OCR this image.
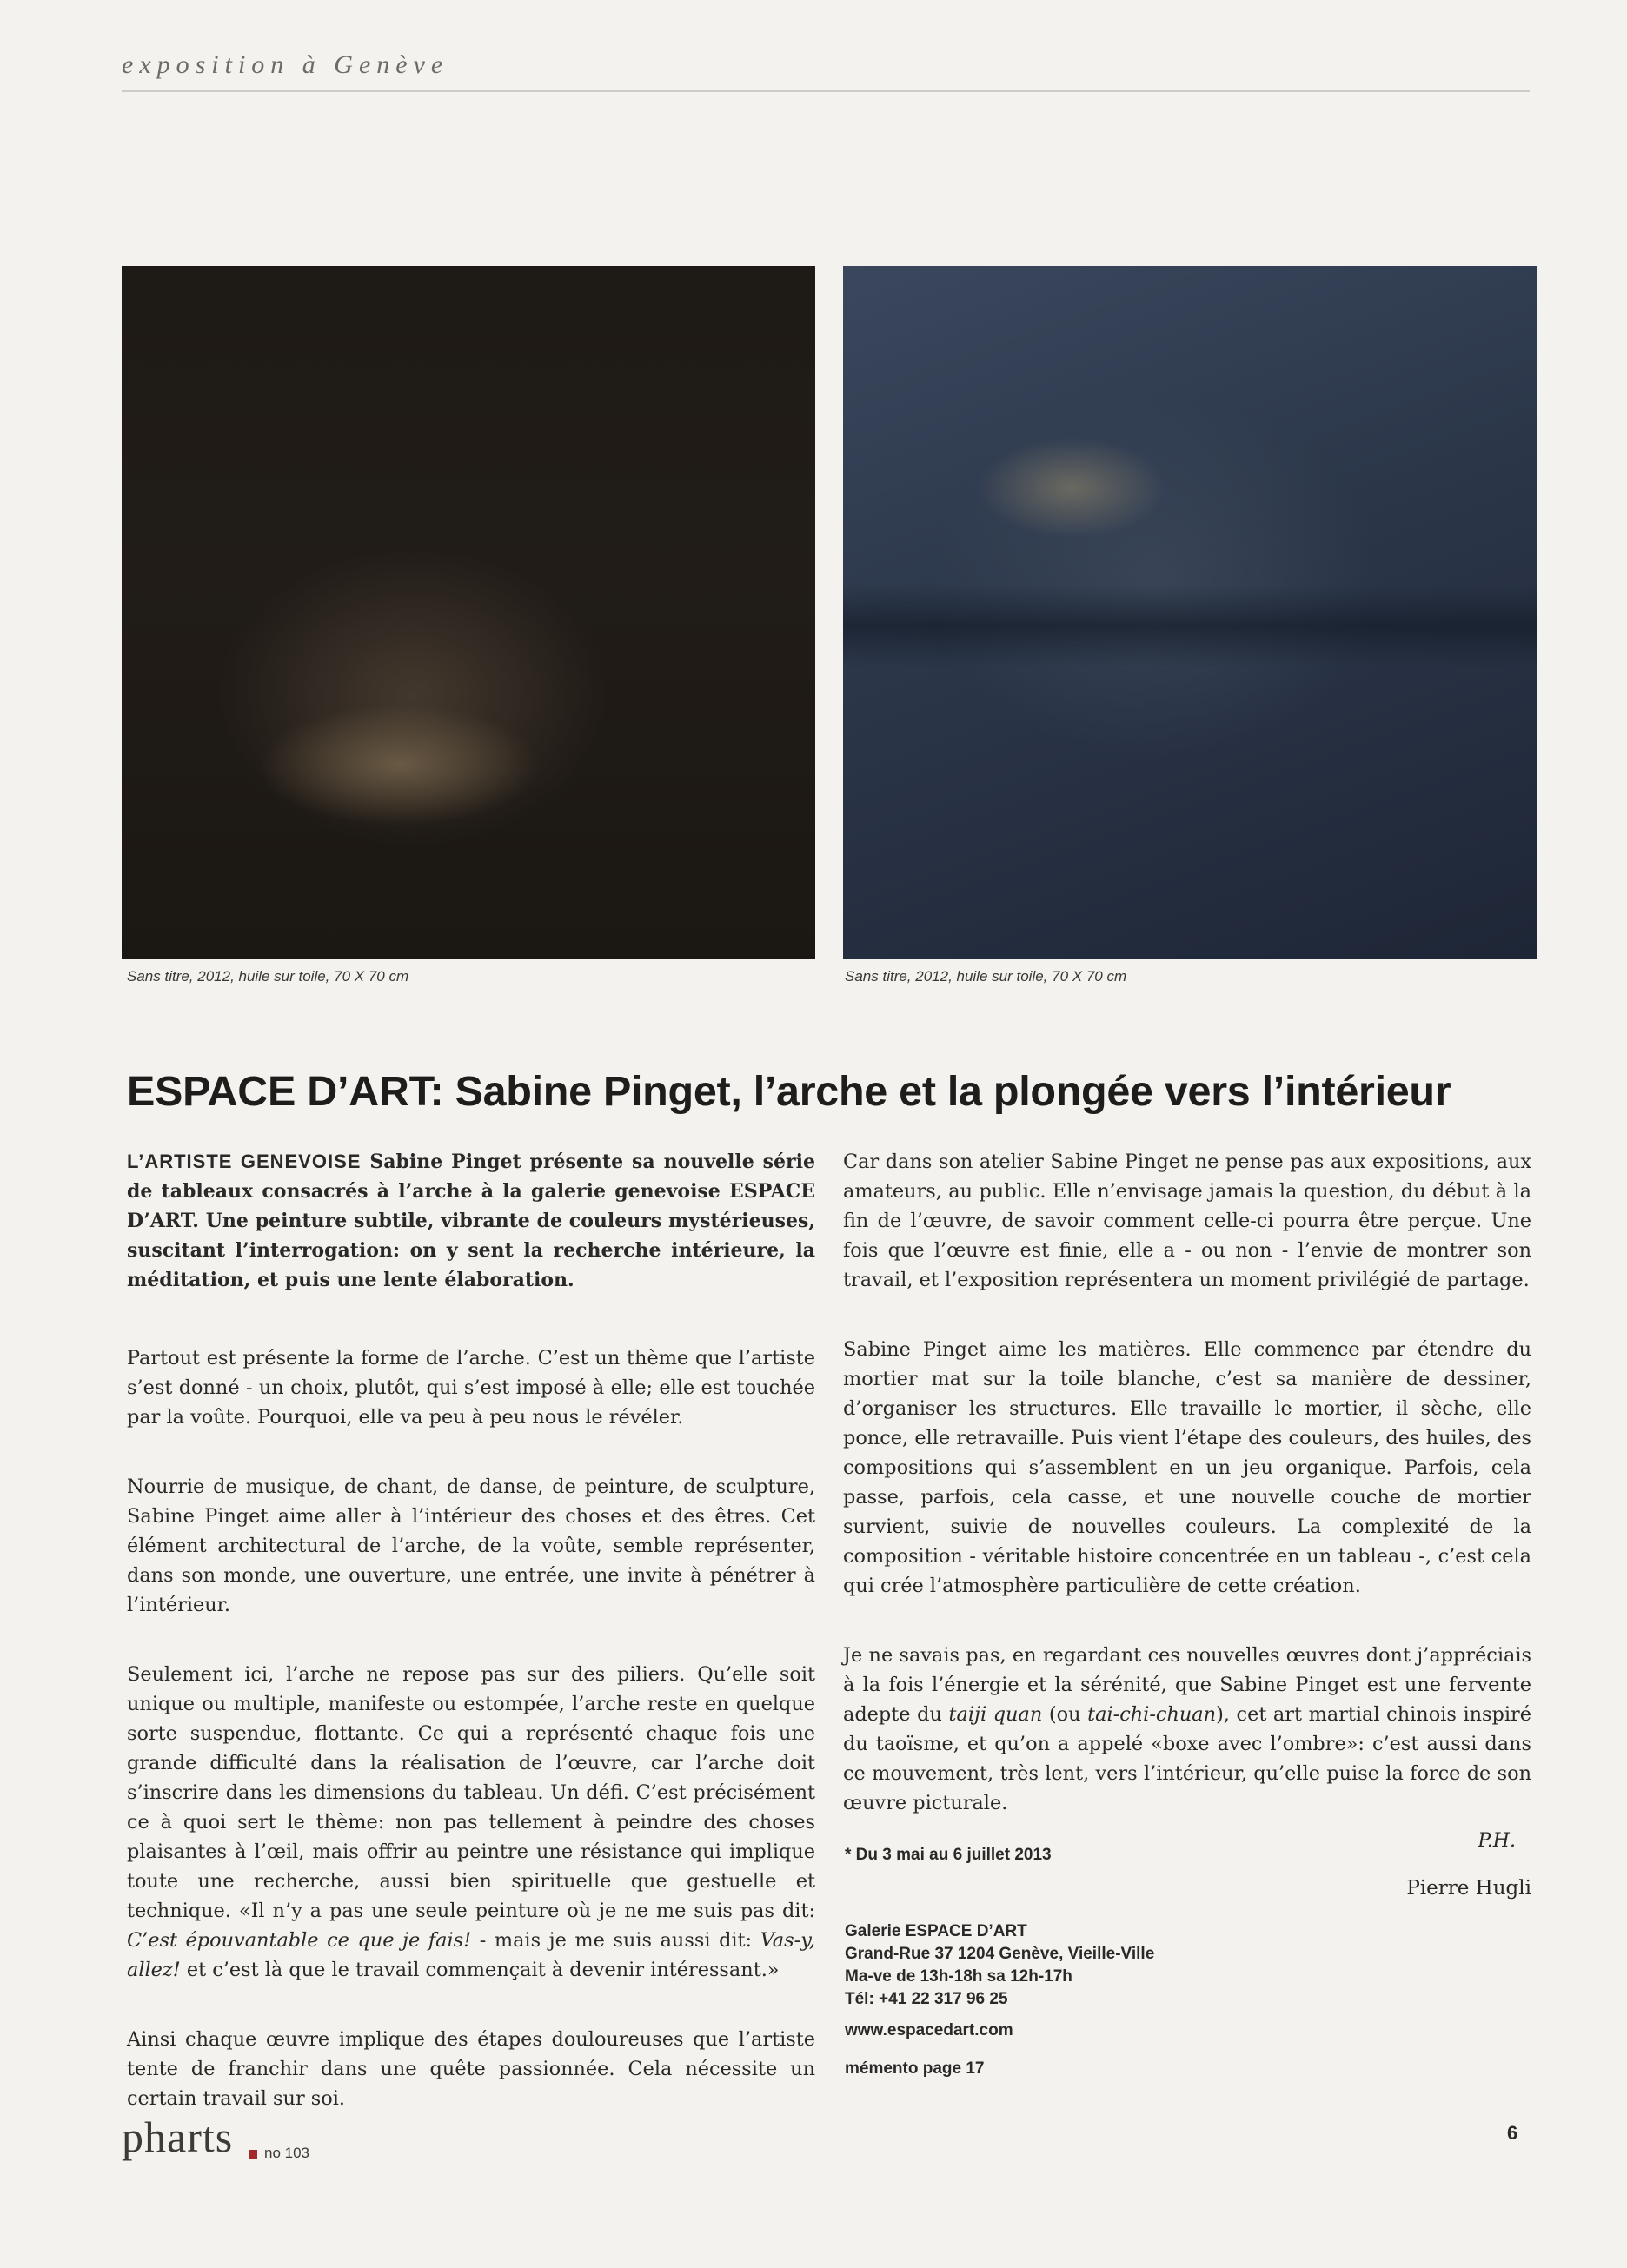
exposition à Genève
Sans titre, 2012, huile sur toile, 70 X 70 cm	Sans titre, 2012, huile sur toile, 70 X 70 cm
ESPACE D’ART: Sabine Pinget, l’arche et la plongée vers l’intérieur

L’ARTISTE GENEVOISE Sabine Pinget présente sa nouvelle série de tableaux consacrés à l’arche à la galerie genevoise ESPACE D’ART. Une peinture subtile, vibrante de couleurs mystérieuses, suscitant l’interrogation: on y sent la recherche intérieure, la méditation, et puis une lente élaboration.

Partout est présente la forme de l’arche. C’est un thème que l’artiste s’est donné - un choix, plutôt, qui s’est imposé à elle; elle est touchée par la voûte. Pourquoi, elle va peu à peu nous le révéler.

Nourrie de musique, de chant, de danse, de peinture, de sculpture, Sabine Pinget aime aller à l’intérieur des choses et des êtres. Cet élément architectural de l’arche, de la voûte, semble représenter, dans son monde, une ouverture, une entrée, une invite à pénétrer à l’intérieur.

Seulement ici, l’arche ne repose pas sur des piliers. Qu’elle soit unique ou multiple, manifeste ou estompée, l’arche reste en quelque sorte suspendue, flottante. Ce qui a représenté chaque fois une grande difficulté dans la réalisation de l’œuvre, car l’arche doit s’inscrire dans les dimensions du tableau. Un défi. C’est précisément ce à quoi sert le thème: non pas tellement à peindre des choses plaisantes à l’œil, mais offrir au peintre une résistance qui implique toute une recherche, aussi bien spirituelle que gestuelle et technique. «Il n’y a pas une seule peinture où je ne me suis pas dit: C’est épouvantable ce que je fais! - mais je me suis aussi dit: Vas-y, allez! et c’est là que le travail commençait à devenir intéressant.»

Ainsi chaque œuvre implique des étapes douloureuses que l’artiste tente de franchir dans une quête passionnée. Cela nécessite un certain travail sur soi.

Car dans son atelier Sabine Pinget ne pense pas aux expositions, aux amateurs, au public. Elle n’envisage jamais la question, du début à la fin de l’œuvre, de savoir comment celle-ci pourra être perçue. Une fois que l’œuvre est finie, elle a - ou non - l’envie de montrer son travail, et l’exposition représentera un moment privilégié de partage.

Sabine Pinget aime les matières. Elle commence par étendre du mortier mat sur la toile blanche, c’est sa manière de dessiner, d’organiser les structures. Elle travaille le mortier, il sèche, elle ponce, elle retravaille. Puis vient l’étape des couleurs, des huiles, des compositions qui s’assemblent en un jeu organique. Parfois, cela passe, parfois, cela casse, et une nouvelle couche de mortier survient, suivie de nouvelles couleurs. La complexité de la composition - véritable histoire concentrée en un tableau -, c’est cela qui crée l’atmosphère particulière de cette création.

Je ne savais pas, en regardant ces nouvelles œuvres dont j’appréciais à la fois l’énergie et la sérénité, que Sabine Pinget est une fervente adepte du taiji quan (ou tai-chi-chuan), cet art martial chinois inspiré du taoïsme, et qu’on a appelé «boxe avec l’ombre»: c’est aussi dans ce mouvement, très lent, vers l’intérieur, qu’elle puise la force de son œuvre picturale.

P.H.
Pierre Hugli
* Du 3 mai au 6 juillet 2013
Galerie ESPACE D’ART
Grand-Rue 37 1204 Genève, Vieille-Ville
Ma-ve de 13h-18h sa 12h-17h
Tél: +41 22 317 96 25
www.espacedart.com
mémento page 17
pharts no 103
6
